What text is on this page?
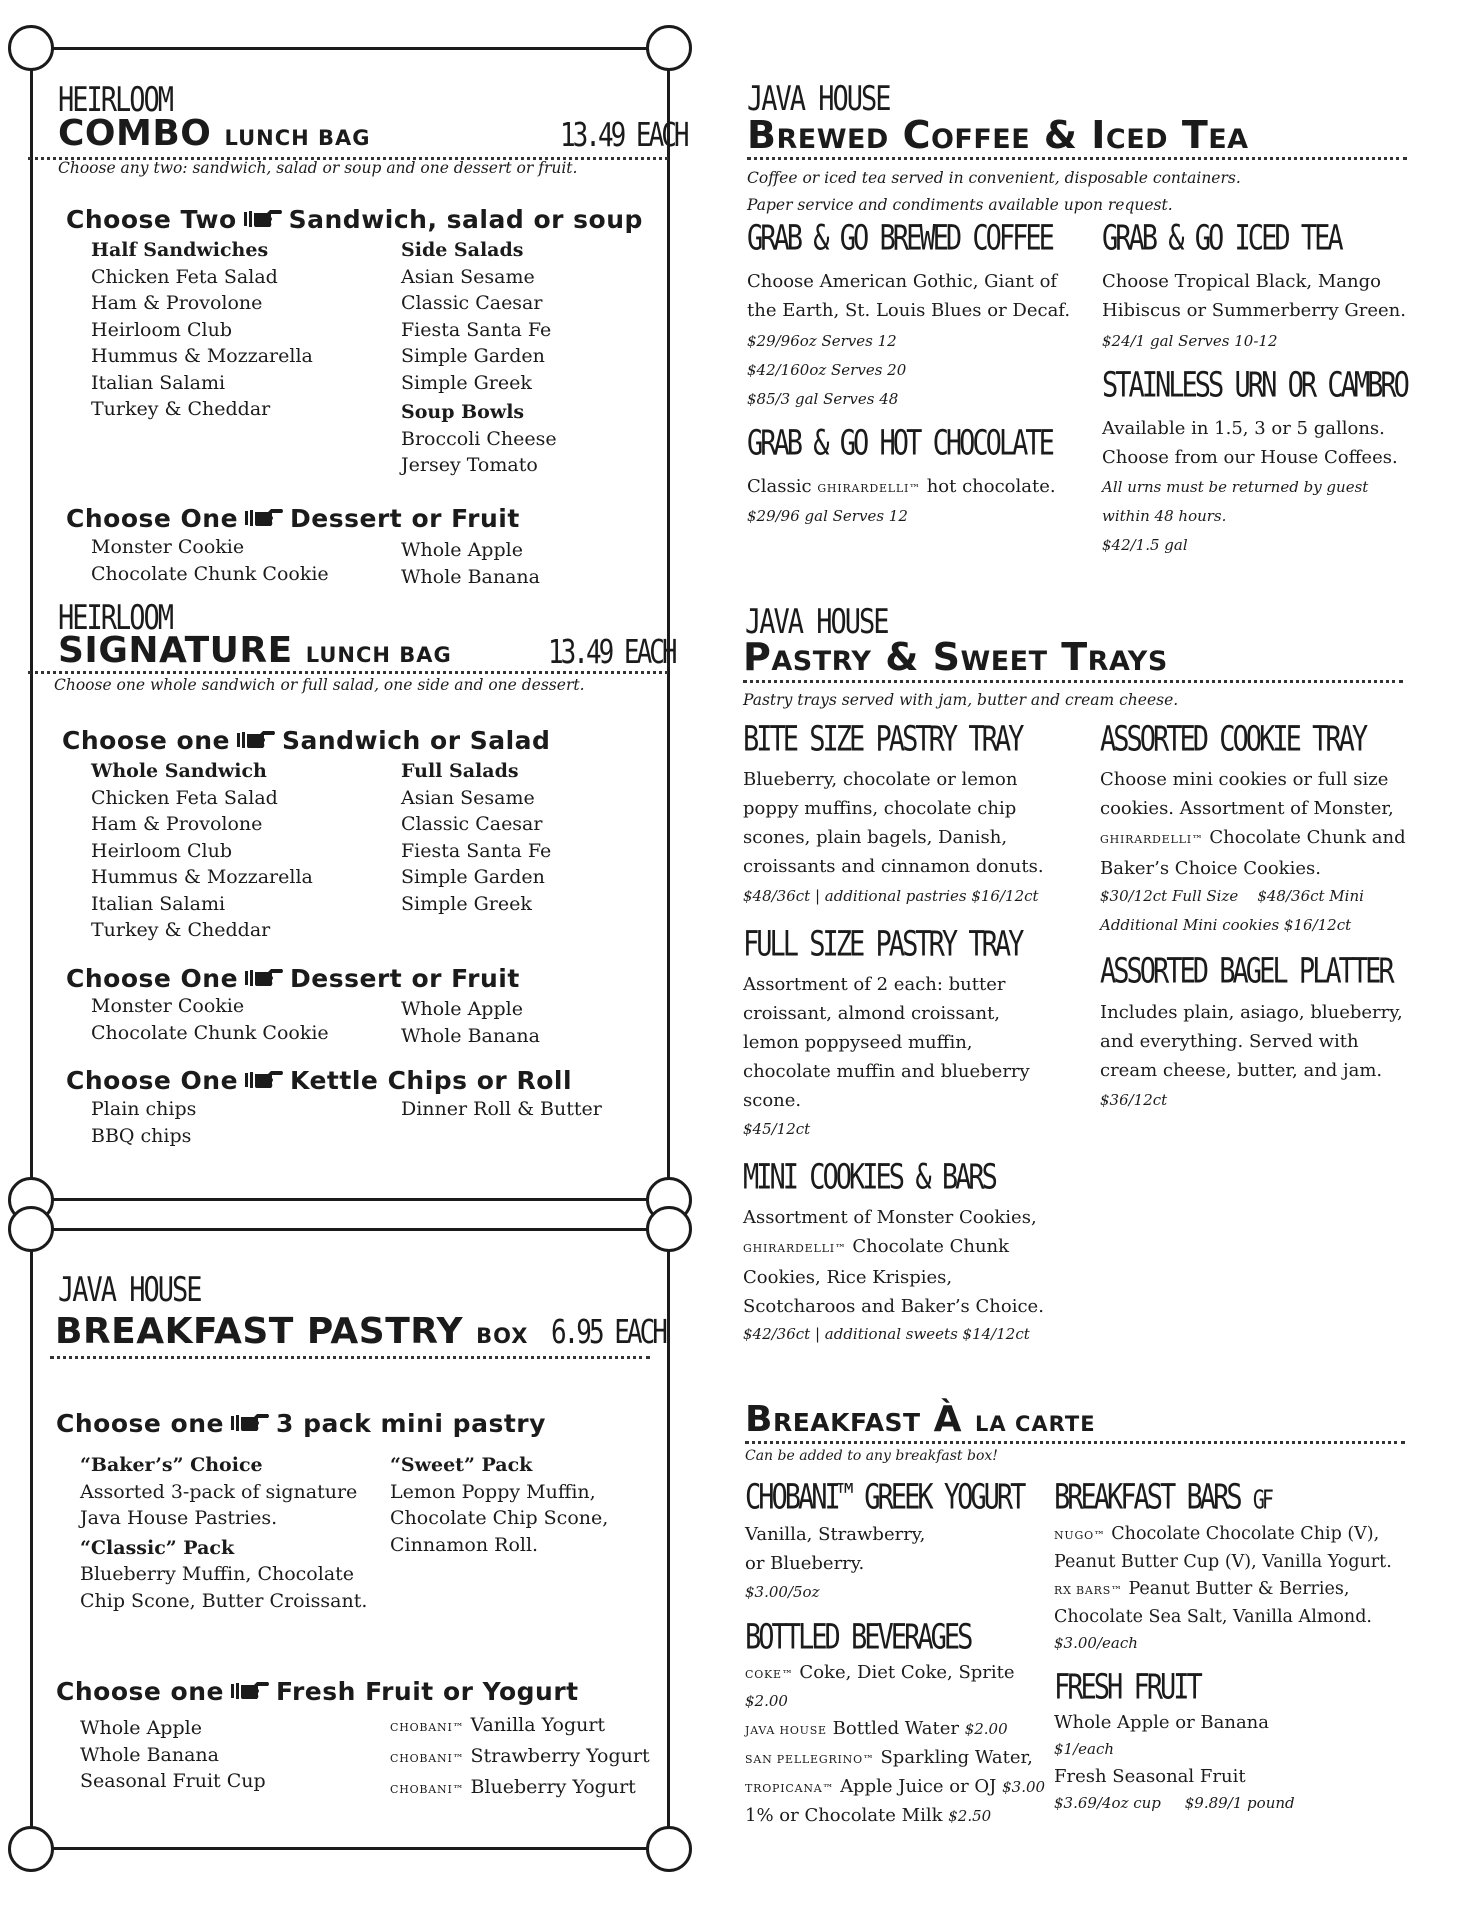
HEIRLOOM
COMBO LUNCH BAG	13.49 EACH
Choose any two: sandwich, salad or soup and one dessert or fruit.
Choose Two Sandwich, salad or soup
Half Sandwiches
Chicken Feta Salad
Ham & Provolone
Heirloom Club
Hummus & Mozzarella
Italian Salami
Turkey & Cheddar
Side Salads
Asian Sesame
Classic Caesar
Fiesta Santa Fe
Simple Garden
Simple Greek
Soup Bowls
Broccoli Cheese
Jersey Tomato
Choose One Dessert or Fruit
Monster Cookie
Chocolate Chunk Cookie
Whole Apple
Whole Banana
HEIRLOOM
SIGNATURE LUNCH BAG	13.49 EACH
Choose one whole sandwich or full salad, one side and one dessert.
Choose one Sandwich or Salad
Whole Sandwich
Chicken Feta Salad
Ham & Provolone
Heirloom Club
Hummus & Mozzarella
Italian Salami
Turkey & Cheddar
Full Salads
Asian Sesame
Classic Caesar
Fiesta Santa Fe
Simple Garden
Simple Greek
Choose One Dessert or Fruit
Monster Cookie
Chocolate Chunk Cookie
Whole Apple
Whole Banana
Choose One Kettle Chips or Roll
Plain chips
BBQ chips
Dinner Roll & Butter
JAVA HOUSE
BREAKFAST PASTRY BOX 6.95 EACH
Choose one 3 pack mini pastry
“Baker’s” Choice
Assorted 3-pack of signature
Java House Pastries.
“Classic” Pack
Blueberry Muffin, Chocolate
Chip Scone, Butter Croissant.
“Sweet” Pack
Lemon Poppy Muffin,
Chocolate Chip Scone,
Cinnamon Roll.
Choose one Fresh Fruit or Yogurt
Whole Apple
Whole Banana
Seasonal Fruit Cup
CHOBANI™ Vanilla Yogurt
CHOBANI™ Strawberry Yogurt
CHOBANI™ Blueberry Yogurt
JAVA HOUSE
Brewed Coffee & Iced Tea
Coffee or iced tea served in convenient, disposable containers.
Paper service and condiments available upon request.
GRAB & GO BREWED COFFEE
Choose American Gothic, Giant of
the Earth, St. Louis Blues or Decaf.
$29/96oz Serves 12
$42/160oz Serves 20
$85/3 gal Serves 48
GRAB & GO HOT CHOCOLATE
Classic GHIRARDELLI™ hot chocolate.
$29/96 gal Serves 12
GRAB & GO ICED TEA
Choose Tropical Black, Mango
Hibiscus or Summerberry Green.
$24/1 gal Serves 10-12
STAINLESS URN OR CAMBRO
Available in 1.5, 3 or 5 gallons.
Choose from our House Coffees.
All urns must be returned by guest
within 48 hours.
$42/1.5 gal
JAVA HOUSE
Pastry & Sweet Trays
Pastry trays served with jam, butter and cream cheese.
BITE SIZE PASTRY TRAY
Blueberry, chocolate or lemon
poppy muffins, chocolate chip
scones, plain bagels, Danish,
croissants and cinnamon donuts.
$48/36ct | additional pastries $16/12ct
FULL SIZE PASTRY TRAY
Assortment of 2 each: butter
croissant, almond croissant,
lemon poppyseed muffin,
chocolate muffin and blueberry
scone.
$45/12ct
MINI COOKIES & BARS
Assortment of Monster Cookies,
GHIRARDELLI™ Chocolate Chunk
Cookies, Rice Krispies,
Scotcharoos and Baker’s Choice.
$42/36ct | additional sweets $14/12ct
ASSORTED COOKIE TRAY
Choose mini cookies or full size
cookies. Assortment of Monster,
GHIRARDELLI™ Chocolate Chunk and
Baker’s Choice Cookies.
$30/12ct Full Size $48/36ct Mini
Additional Mini cookies $16/12ct
ASSORTED BAGEL PLATTER
Includes plain, asiago, blueberry,
and everything. Served with
cream cheese, butter, and jam.
$36/12ct
Breakfast À LA CARTE
Can be added to any breakfast box!
CHOBANI™ GREEK YOGURT
Vanilla, Strawberry,
or Blueberry.
$3.00/5oz
BOTTLED BEVERAGES
COKE™ Coke, Diet Coke, Sprite
$2.00
JAVA HOUSE Bottled Water $2.00
SAN PELLEGRINO™ Sparkling Water,
TROPICANA™ Apple Juice or OJ $3.00
1% or Chocolate Milk $2.50
BREAKFAST BARS GF
NUGO™ Chocolate Chocolate Chip (V),
Peanut Butter Cup (V), Vanilla Yogurt.
RX BARS™ Peanut Butter & Berries,
Chocolate Sea Salt, Vanilla Almond.
$3.00/each
FRESH FRUIT
Whole Apple or Banana
$1/each
Fresh Seasonal Fruit
$3.69/4oz cup $9.89/1 pound
